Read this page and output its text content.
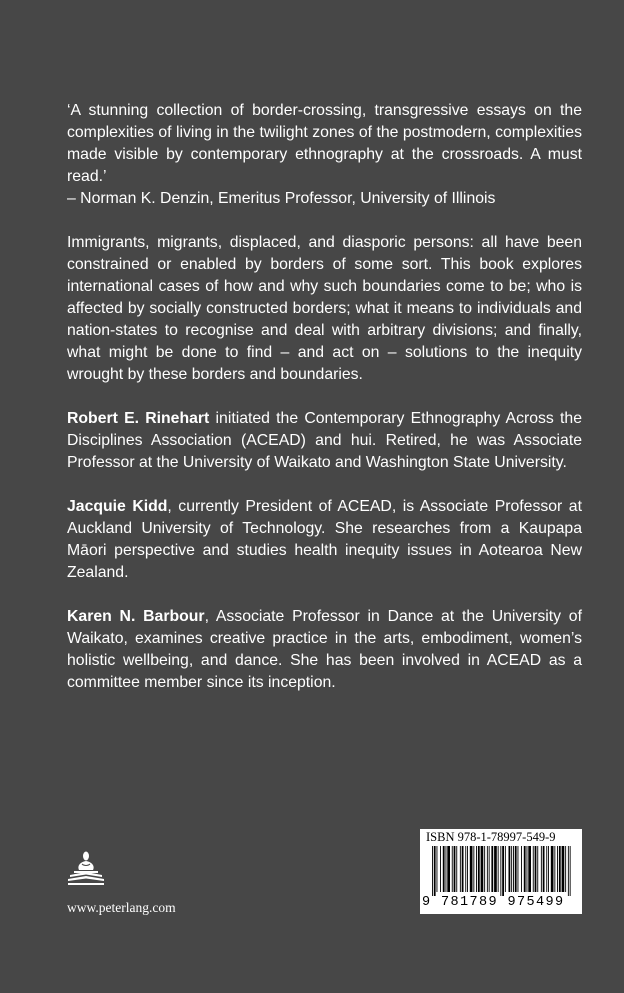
‘A stunning collection of border-crossing, transgressive essays on the complexities of living in the twilight zones of the postmodern, complexities made visible by contemporary ethnography at the crossroads. A must read.’

– Norman K. Denzin, Emeritus Professor, University of Illinois

Immigrants, migrants, displaced, and diasporic persons: all have been constrained or enabled by borders of some sort. This book explores international cases of how and why such boundaries come to be; who is affected by socially constructed borders; what it means to individuals and nation-states to recognise and deal with arbitrary divisions; and finally, what might be done to find – and act on – solutions to the inequity wrought by these borders and boundaries.

Robert E. Rinehart initiated the Contemporary Ethnography Across the Disciplines Association (ACEAD) and hui. Retired, he was Associate Professor at the University of Waikato and Washington State University.

Jacquie Kidd, currently President of ACEAD, is Associate Professor at Auckland University of Technology. She researches from a Kaupapa Māori perspective and studies health inequity issues in Aotearoa New Zealand.

Karen N. Barbour, Associate Professor in Dance at the University of Waikato, examines creative practice in the arts, embodiment, women’s holistic wellbeing, and dance. She has been involved in ACEAD as a committee member since its inception.

www.peterlang.com
ISBN 978-1-78997-549-9
9 781789 975499
